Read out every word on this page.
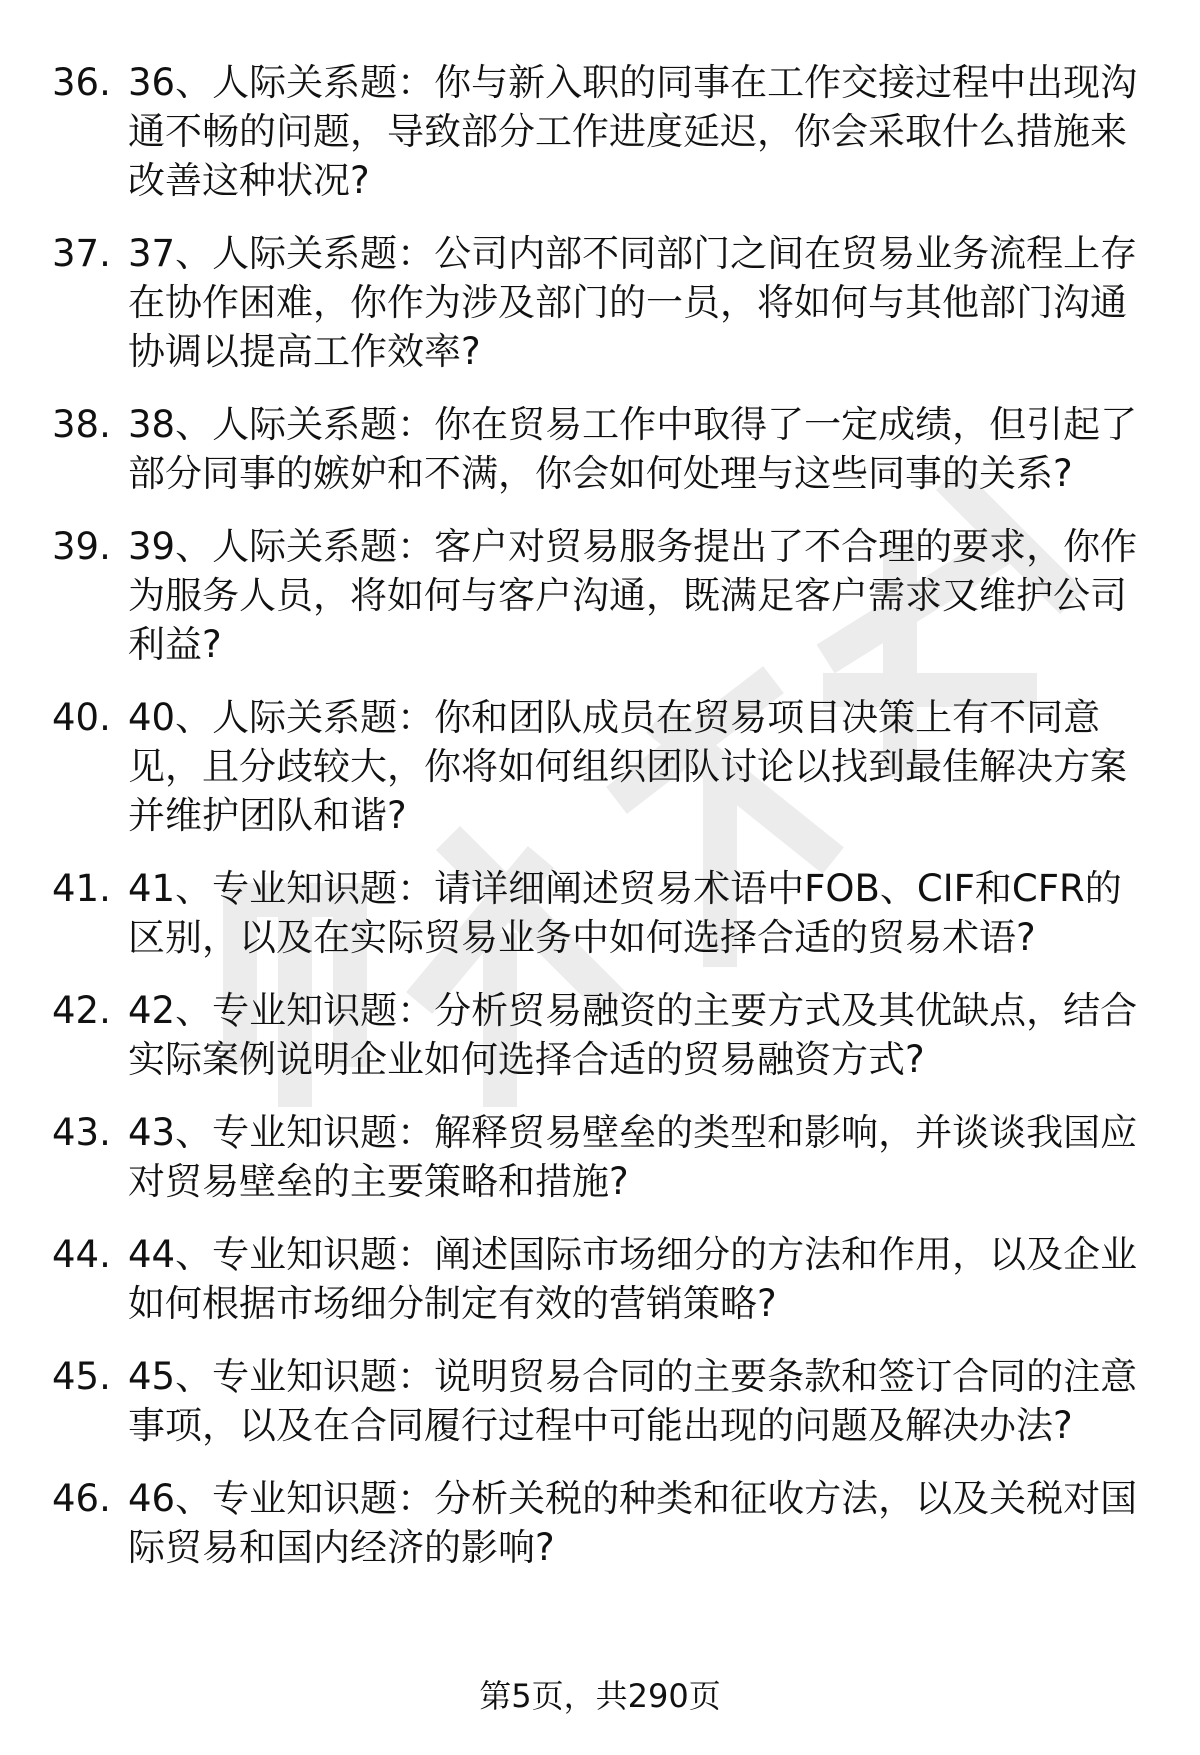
36. 36、人际关系题：你与新入职的同事在工作交接过程中出现沟通不畅的问题，导致部分工作进度延迟，你会采取什么措施来改善这种状况?
37. 37、人际关系题：公司内部不同部门之间在贸易业务流程上存在协作困难，你作为涉及部门的一员，将如何与其他部门沟通协调以提高工作效率?
38. 38、人际关系题：你在贸易工作中取得了一定成绩，但引起了部分同事的嫉妒和不满，你会如何处理与这些同事的关系?
39. 39、人际关系题：客户对贸易服务提出了不合理的要求，你作为服务人员，将如何与客户沟通，既满足客户需求又维护公司利益?
40. 40、人际关系题：你和团队成员在贸易项目决策上有不同意见，且分歧较大，你将如何组织团队讨论以找到最佳解决方案并维护团队和谐?
41. 41、专业知识题：请详细阐述贸易术语中FOB、CIF和CFR的区别，以及在实际贸易业务中如何选择合适的贸易术语?
42. 42、专业知识题：分析贸易融资的主要方式及其优缺点，结合实际案例说明企业如何选择合适的贸易融资方式?
43. 43、专业知识题：解释贸易壁垒的类型和影响，并谈谈我国应对贸易壁垒的主要策略和措施?
44. 44、专业知识题：阐述国际市场细分的方法和作用，以及企业如何根据市场细分制定有效的营销策略?
45. 45、专业知识题：说明贸易合同的主要条款和签订合同的注意事项，以及在合同履行过程中可能出现的问题及解决办法?
46. 46、专业知识题：分析关税的种类和征收方法，以及关税对国际贸易和国内经济的影响?
第5页，共290页
